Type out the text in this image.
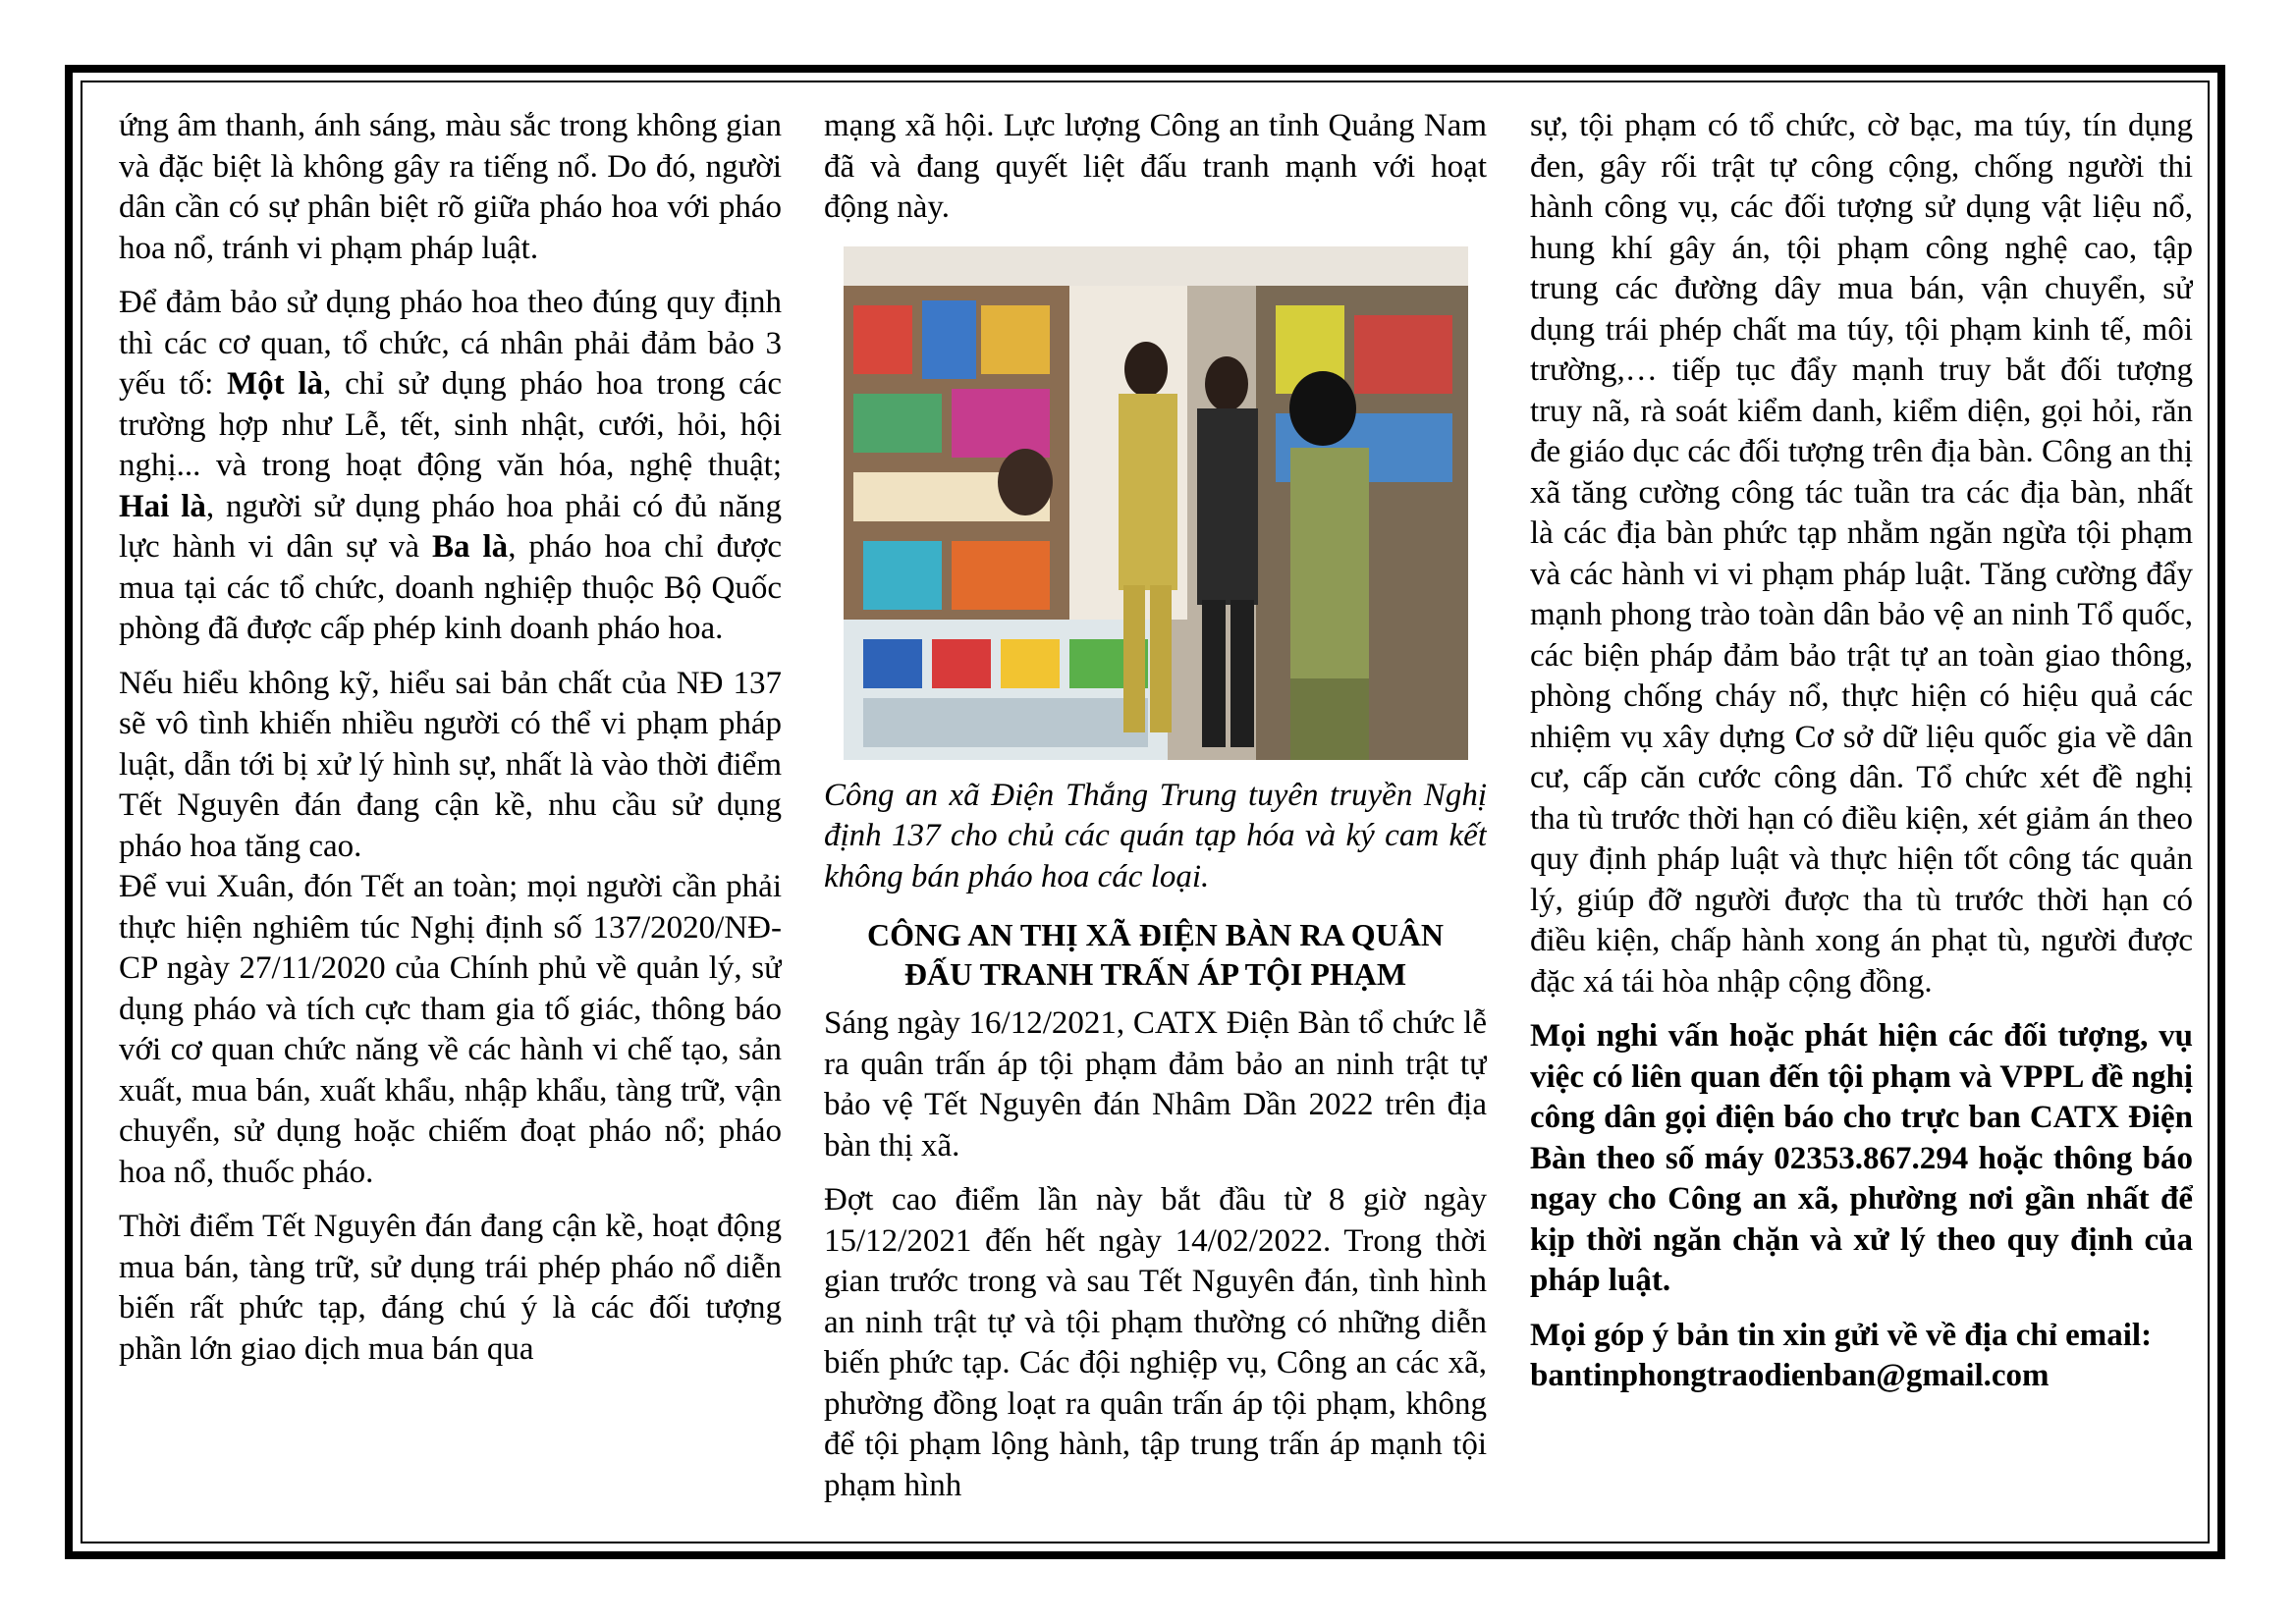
ứng âm thanh, ánh sáng, màu sắc trong không gian và đặc biệt là không gây ra tiếng nổ. Do đó, người dân cần có sự phân biệt rõ giữa pháo hoa với pháo hoa nổ, tránh vi phạm pháp luật.

Để đảm bảo sử dụng pháo hoa theo đúng quy định thì các cơ quan, tổ chức, cá nhân phải đảm bảo 3 yếu tố: Một là, chỉ sử dụng pháo hoa trong các trường hợp như Lễ, tết, sinh nhật, cưới, hỏi, hội nghị... và trong hoạt động văn hóa, nghệ thuật; Hai là, người sử dụng pháo hoa phải có đủ năng lực hành vi dân sự và Ba là, pháo hoa chỉ được mua tại các tổ chức, doanh nghiệp thuộc Bộ Quốc phòng đã được cấp phép kinh doanh pháo hoa.

Nếu hiểu không kỹ, hiểu sai bản chất của NĐ 137 sẽ vô tình khiến nhiều người có thể vi phạm pháp luật, dẫn tới bị xử lý hình sự, nhất là vào thời điểm Tết Nguyên đán đang cận kề, nhu cầu sử dụng pháo hoa tăng cao.

Để vui Xuân, đón Tết an toàn; mọi người cần phải thực hiện nghiêm túc Nghị định số 137/2020/NĐ-CP ngày 27/11/2020 của Chính phủ về quản lý, sử dụng pháo và tích cực tham gia tố giác, thông báo với cơ quan chức năng về các hành vi chế tạo, sản xuất, mua bán, xuất khẩu, nhập khẩu, tàng trữ, vận chuyển, sử dụng hoặc chiếm đoạt pháo nổ; pháo hoa nổ, thuốc pháo.

Thời điểm Tết Nguyên đán đang cận kề, hoạt động mua bán, tàng trữ, sử dụng trái phép pháo nổ diễn biến rất phức tạp, đáng chú ý là các đối tượng phần lớn giao dịch mua bán qua

mạng xã hội. Lực lượng Công an tỉnh Quảng Nam đã và đang quyết liệt đấu tranh mạnh với hoạt động này.

Công an xã Điện Thắng Trung tuyên truyền Nghị định 137 cho chủ các quán tạp hóa và ký cam kết không bán pháo hoa các loại.

CÔNG AN THỊ XÃ ĐIỆN BÀN RA QUÂN
ĐẤU TRANH TRẤN ÁP TỘI PHẠM

Sáng ngày 16/12/2021, CATX Điện Bàn tổ chức lễ ra quân trấn áp tội phạm đảm bảo an ninh trật tự bảo vệ Tết Nguyên đán Nhâm Dần 2022 trên địa bàn thị xã.

Đợt cao điểm lần này bắt đầu từ 8 giờ ngày 15/12/2021 đến hết ngày 14/02/2022. Trong thời gian trước trong và sau Tết Nguyên đán, tình hình an ninh trật tự và tội phạm thường có những diễn biến phức tạp. Các đội nghiệp vụ, Công an các xã, phường đồng loạt ra quân trấn áp tội phạm, không để tội phạm lộng hành, tập trung trấn áp mạnh tội phạm hình

sự, tội phạm có tổ chức, cờ bạc, ma túy, tín dụng đen, gây rối trật tự công cộng, chống người thi hành công vụ, các đối tượng sử dụng vật liệu nổ, hung khí gây án, tội phạm công nghệ cao, tập trung các đường dây mua bán, vận chuyển, sử dụng trái phép chất ma túy, tội phạm kinh tế, môi trường,… tiếp tục đẩy mạnh truy bắt đối tượng truy nã, rà soát kiểm danh, kiểm diện, gọi hỏi, răn đe giáo dục các đối tượng trên địa bàn. Công an thị xã tăng cường công tác tuần tra các địa bàn, nhất là các địa bàn phức tạp nhằm ngăn ngừa tội phạm và các hành vi vi phạm pháp luật. Tăng cường đẩy mạnh phong trào toàn dân bảo vệ an ninh Tổ quốc, các biện pháp đảm bảo trật tự an toàn giao thông, phòng chống cháy nổ, thực hiện có hiệu quả các nhiệm vụ xây dựng Cơ sở dữ liệu quốc gia về dân cư, cấp căn cước công dân. Tổ chức xét đề nghị tha tù trước thời hạn có điều kiện, xét giảm án theo quy định pháp luật và thực hiện tốt công tác quản lý, giúp đỡ người được tha tù trước thời hạn có điều kiện, chấp hành xong án phạt tù, người được đặc xá tái hòa nhập cộng đồng.

Mọi nghi vấn hoặc phát hiện các đối tượng, vụ việc có liên quan đến tội phạm và VPPL đề nghị công dân gọi điện báo cho trực ban CATX Điện Bàn theo số máy 02353.867.294 hoặc thông báo ngay cho Công an xã, phường nơi gần nhất để kịp thời ngăn chặn và xử lý theo quy định của pháp luật.

Mọi góp ý bản tin xin gửi về về địa chỉ email:

bantinphongtraodienban@gmail.com
